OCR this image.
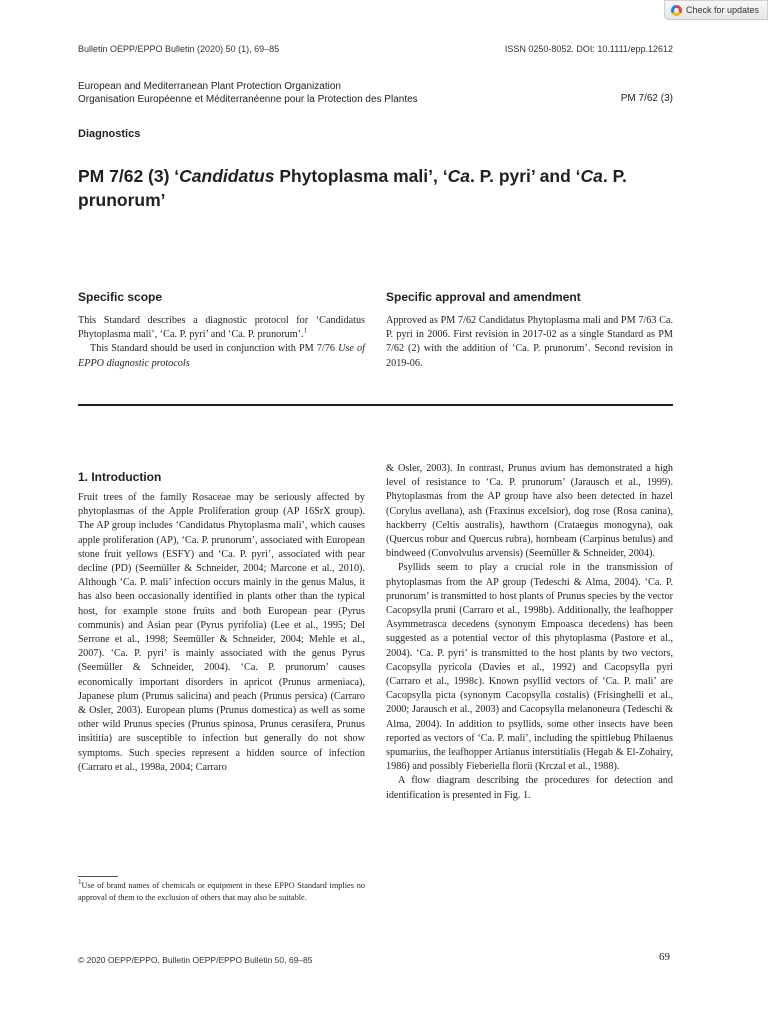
Check for updates
Bulletin OEPP/EPPO Bulletin (2020) 50 (1), 69–85	ISSN 0250-8052. DOI: 10.1111/epp.12612
European and Mediterranean Plant Protection Organization
Organisation Européenne et Méditerranéenne pour la Protection des Plantes	PM 7/62 (3)
Diagnostics
PM 7/62 (3) ‘Candidatus Phytoplasma mali’, ‘Ca. P. pyri’ and ‘Ca. P. prunorum’
Specific scope

This Standard describes a diagnostic protocol for ‘Candidatus Phytoplasma mali’, ‘Ca. P. pyri’ and ‘Ca. P. prunorum’.$^1$

This Standard should be used in conjunction with PM 7/76 Use of EPPO diagnostic protocols

Specific approval and amendment

Approved as PM 7/62 Candidatus Phytoplasma mali and PM 7/63 Ca. P. pyri in 2006. First revision in 2017-02 as a single Standard as PM 7/62 (2) with the addition of ‘Ca. P. prunorum’. Second revision in 2019-06.

1. Introduction

Fruit trees of the family Rosaceae may be seriously affected by phytoplasmas of the Apple Proliferation group (AP 16SrX group). The AP group includes ‘Candidatus Phytoplasma mali’, which causes apple proliferation (AP), ‘Ca. P. prunorum’, associated with European stone fruit yellows (ESFY) and ‘Ca. P. pyri’, associated with pear decline (PD) (Seemüller & Schneider, 2004; Marcone et al., 2010). Although ‘Ca. P. mali’ infection occurs mainly in the genus Malus, it has also been occasionally identified in plants other than the typical host, for example stone fruits and both European pear (Pyrus communis) and Asian pear (Pyrus pyrifolia) (Lee et al., 1995; Del Serrone et al., 1998; Seemüller & Schneider, 2004; Mehle et al., 2007). ‘Ca. P. pyri’ is mainly associated with the genus Pyrus (Seemüller & Schneider, 2004). ‘Ca. P. prunorum’ causes economically important disorders in apricot (Prunus armeniaca), Japanese plum (Prunus salicina) and peach (Prunus persica) (Carraro & Osler, 2003). European plums (Prunus domestica) as well as some other wild Prunus species (Prunus spinosa, Prunus cerasifera, Prunus insititia) are susceptible to infection but generally do not show symptoms. Such species represent a hidden source of infection (Carraro et al., 1998a, 2004; Carraro

& Osler, 2003). In contrast, Prunus avium has demonstrated a high level of resistance to ‘Ca. P. prunorum’ (Jarausch et al., 1999). Phytoplasmas from the AP group have also been detected in hazel (Corylus avellana), ash (Fraxinus excelsior), dog rose (Rosa canina), hackberry (Celtis australis), hawthorn (Crataegus monogyna), oak (Quercus robur and Quercus rubra), hornbeam (Carpinus betulus) and bindweed (Convolvulus arvensis) (Seemüller & Schneider, 2004).

Psyllids seem to play a crucial role in the transmission of phytoplasmas from the AP group (Tedeschi & Alma, 2004). ‘Ca. P. prunorum’ is transmitted to host plants of Prunus species by the vector Cacopsylla pruni (Carraro et al., 1998b). Additionally, the leafhopper Asymmetrasca decedens (synonym Empoasca decedens) has been suggested as a potential vector of this phytoplasma (Pastore et al., 2004). ‘Ca. P. pyri’ is transmitted to the host plants by two vectors, Cacopsylla pyricola (Davies et al., 1992) and Cacopsylla pyri (Carraro et al., 1998c). Known psyllid vectors of ‘Ca. P. mali’ are Cacopsylla picta (synonym Cacopsylla costalis) (Frisinghelli et al., 2000; Jarausch et al., 2003) and Cacopsylla melanoneura (Tedeschi & Alma, 2004). In addition to psyllids, some other insects have been reported as vectors of ‘Ca. P. mali’, including the spittlebug Philaenus spumarius, the leafhopper Artianus interstitialis (Hegab & El-Zohairy, 1986) and possibly Fieberiella florii (Krczal et al., 1988).

A flow diagram describing the procedures for detection and identification is presented in Fig. 1.

$^1$Use of brand names of chemicals or equipment in these EPPO Standard implies no approval of them to the exclusion of others that may also be suitable.
© 2020 OEPP/EPPO, Bulletin OEPP/EPPO Bulletin 50, 69–85	69
